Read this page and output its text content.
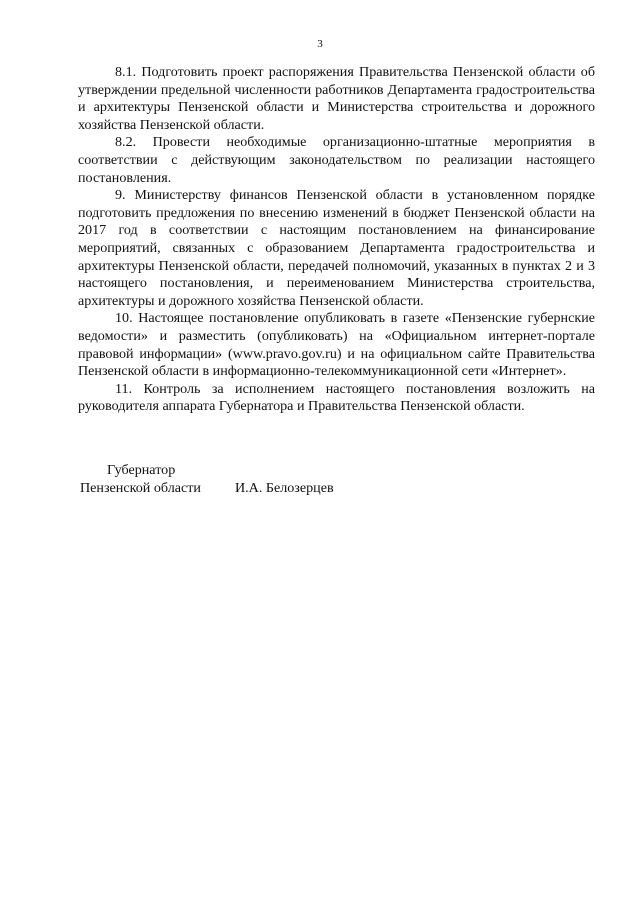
3

8.1. Подготовить проект распоряжения Правительства Пензенской области об утверждении предельной численности работников Департамента градостроительства и архитектуры Пензенской области и Министерства строительства и дорожного хозяйства Пензенской области.

8.2. Провести необходимые организационно-штатные мероприятия в соответствии с действующим законодательством по реализации настоящего постановления.

9. Министерству финансов Пензенской области в установленном порядке подготовить предложения по внесению изменений в бюджет Пензенской области на 2017 год в соответствии с настоящим постановлением на финансирование мероприятий, связанных с образованием Департамента градостроительства и архитектуры Пензенской области, передачей полномочий, указанных в пунктах 2 и 3 настоящего постановления, и переименованием Министерства строительства, архитектуры и дорожного хозяйства Пензенской области.

10. Настоящее постановление опубликовать в газете «Пензенские губернские ведомости» и разместить (опубликовать) на «Официальном интернет-портале правовой информации» (www.pravo.gov.ru) и на официальном сайте Правительства Пензенской области в информационно-телекоммуникационной сети «Интернет».

11. Контроль за исполнением настоящего постановления возложить на руководителя аппарата Губернатора и Правительства Пензенской области.

Губернатор
Пензенской области И.А. Белозерцев
